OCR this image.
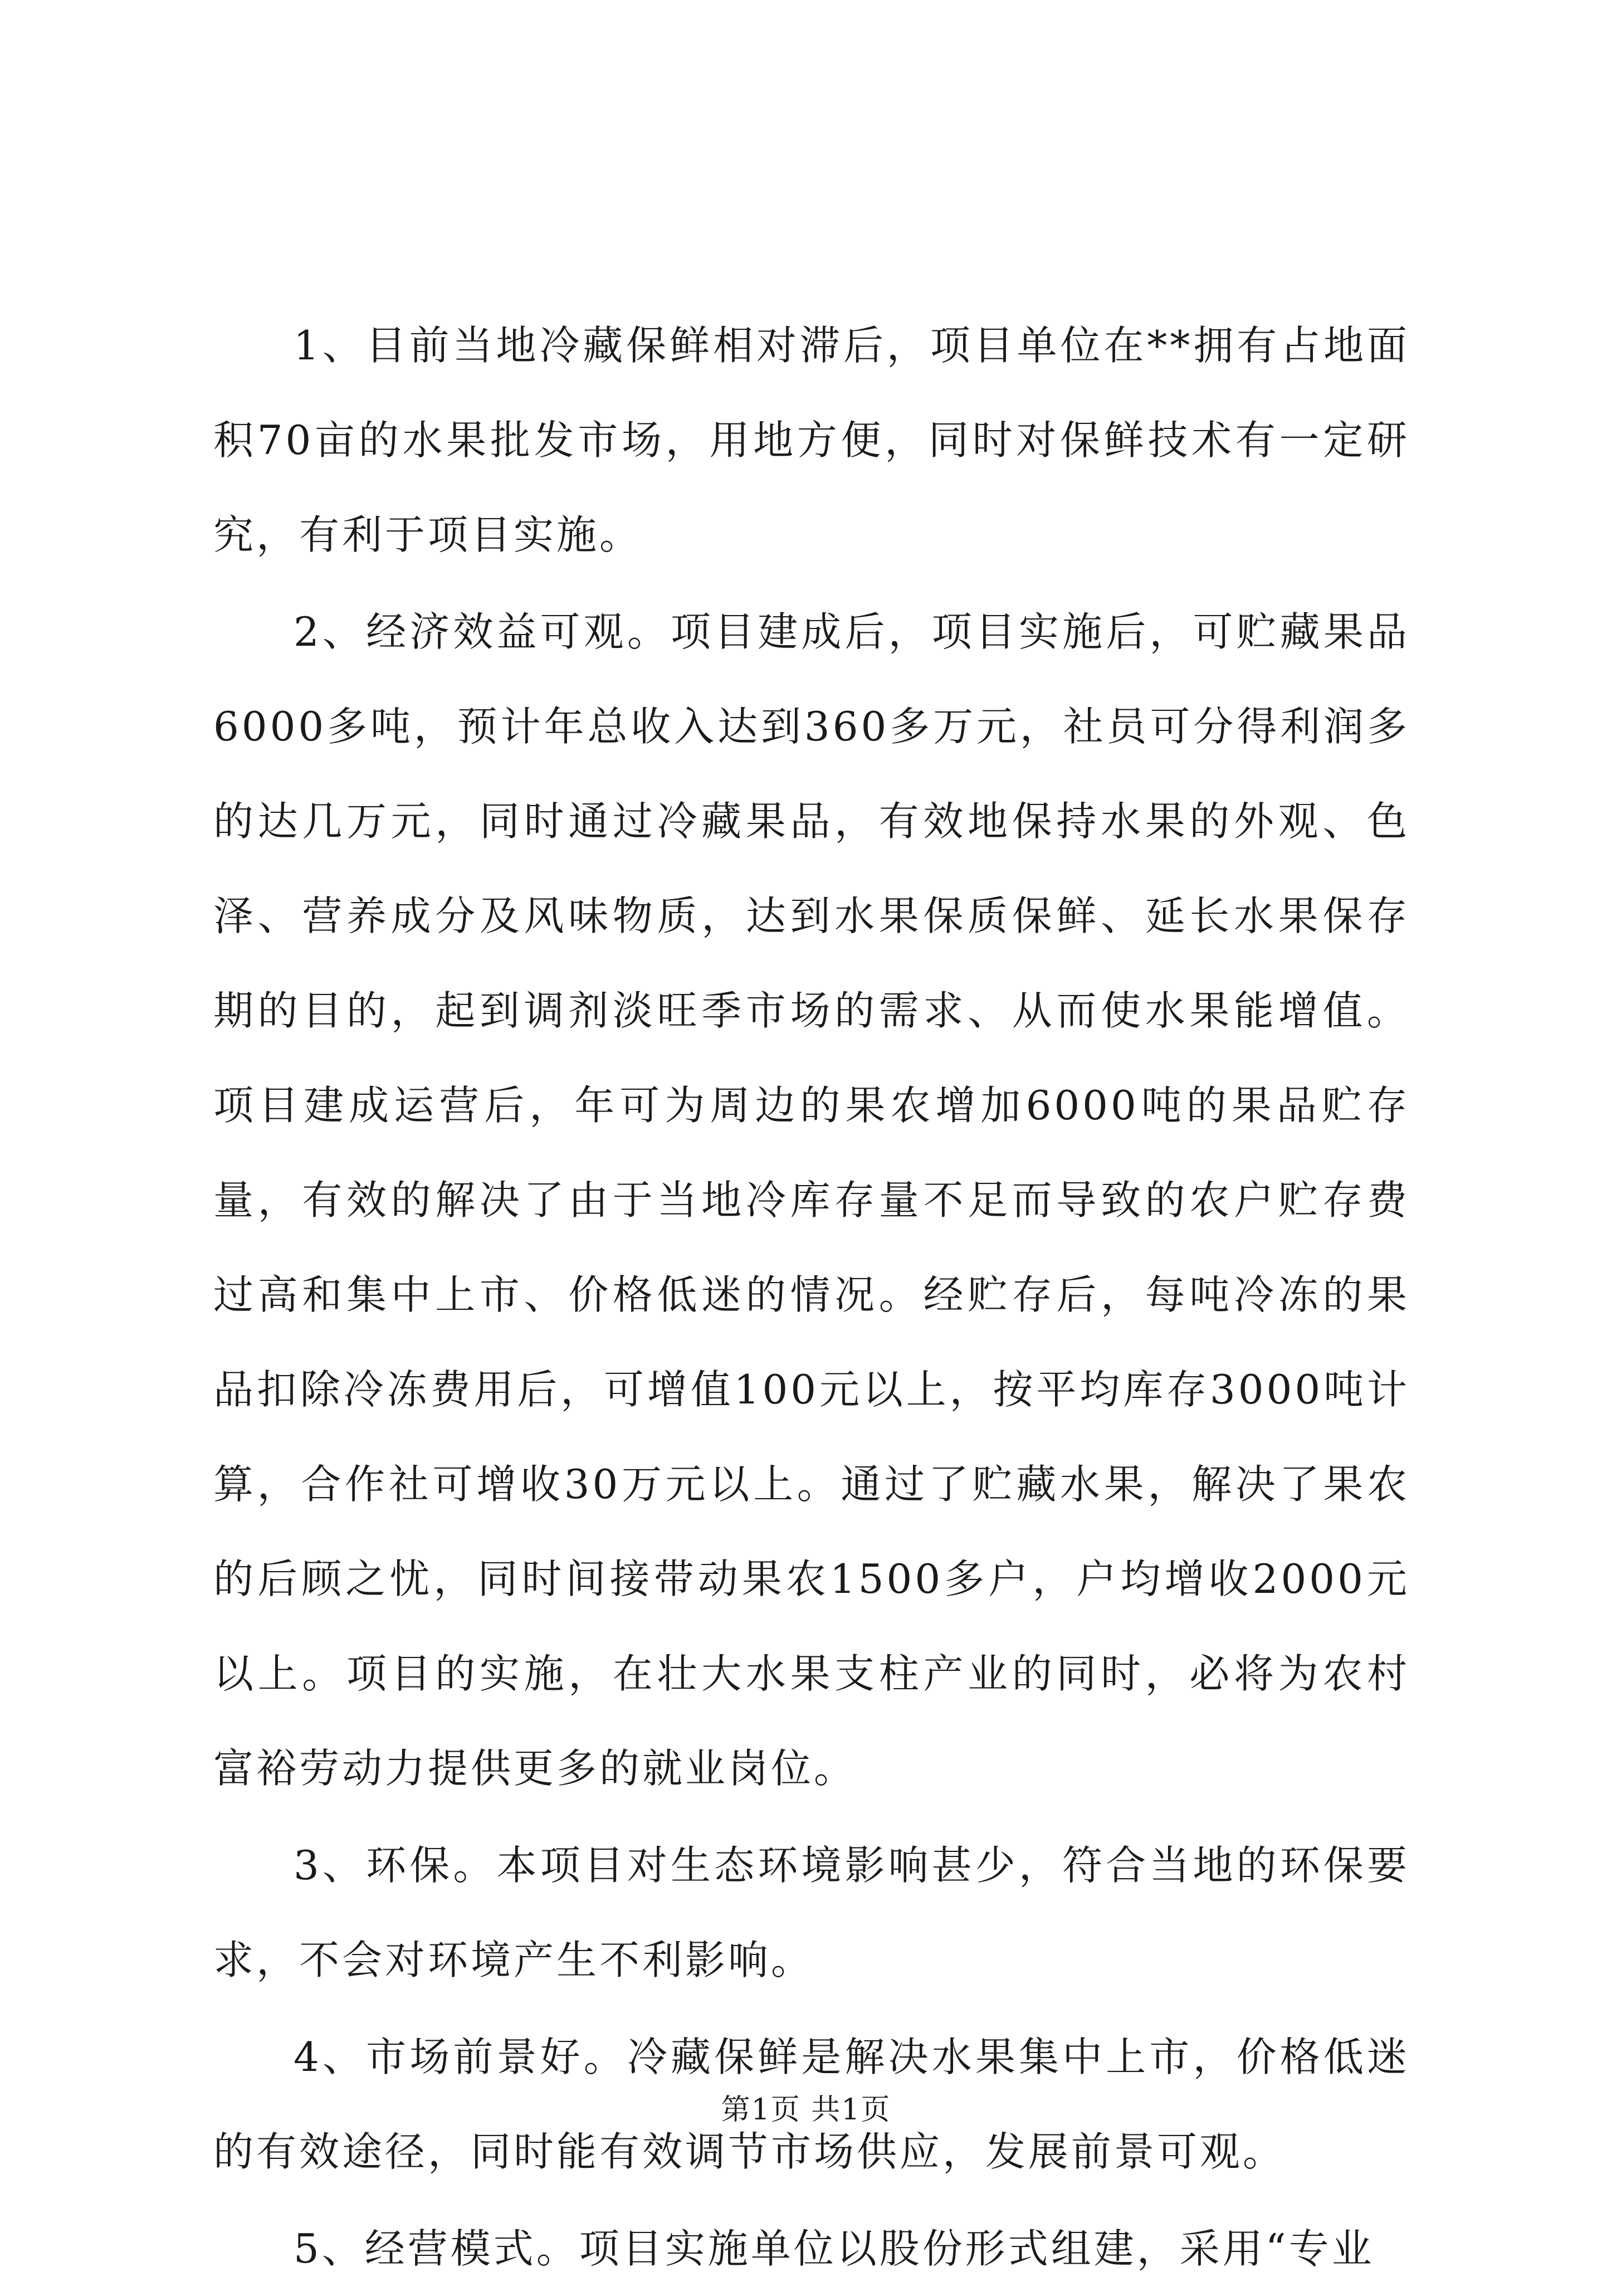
1、目前当地冷藏保鲜相对滞后，项目单位在**拥有占地面积70亩的水果批发市场，用地方便，同时对保鲜技术有一定研究，有利于项目实施。

2、经济效益可观。项目建成后，项目实施后，可贮藏果品6000多吨，预计年总收入达到360多万元，社员可分得利润多的达几万元，同时通过冷藏果品，有效地保持水果的外观、色泽、营养成分及风味物质，达到水果保质保鲜、延长水果保存期的目的，起到调剂淡旺季市场的需求、从而使水果能增值。项目建成运营后，年可为周边的果农增加6000吨的果品贮存量，有效的解决了由于当地冷库存量不足而导致的农户贮存费过高和集中上市、价格低迷的情况。经贮存后，每吨冷冻的果品扣除冷冻费用后，可增值100元以上，按平均库存3000吨计算，合作社可增收30万元以上。通过了贮藏水果，解决了果农的后顾之忧，同时间接带动果农1500多户，户均增收2000元以上。项目的实施，在壮大水果支柱产业的同时，必将为农村富裕劳动力提供更多的就业岗位。

3、环保。本项目对生态环境影响甚少，符合当地的环保要求，不会对环境产生不利影响。

4、市场前景好。冷藏保鲜是解决水果集中上市，价格低迷的有效途径，同时能有效调节市场供应，发展前景可观。

5、经营模式。项目实施单位以股份形式组建，采用“专业

第1页 共1页
